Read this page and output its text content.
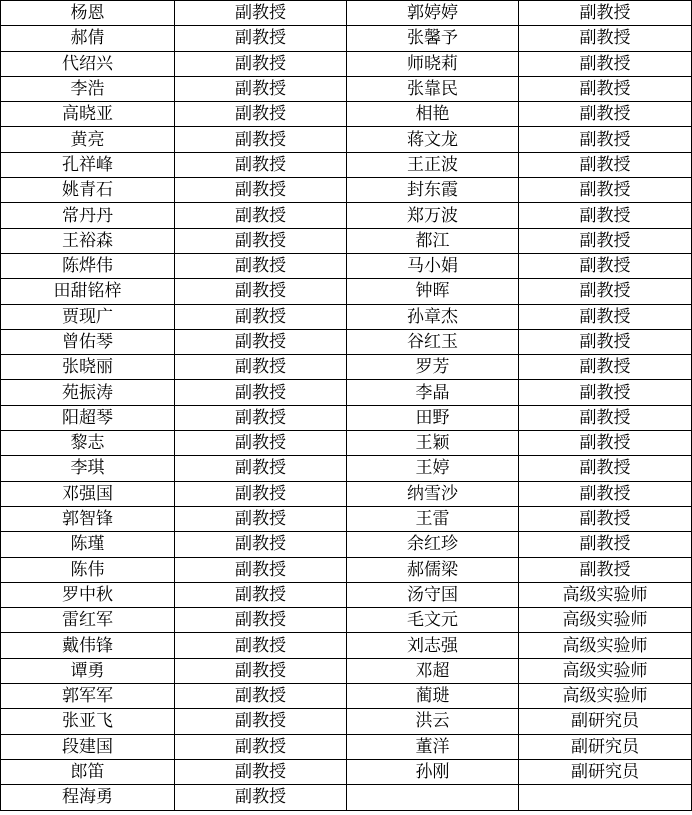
杨恩	副教授	郭婷婷	副教授
郝倩	副教授	张馨予	副教授
代绍兴	副教授	师晓莉	副教授
李浩	副教授	张靠民	副教授
高晓亚	副教授	相艳	副教授
黄亮	副教授	蒋文龙	副教授
孔祥峰	副教授	王正波	副教授
姚青石	副教授	封东霞	副教授
常丹丹	副教授	郑万波	副教授
王裕森	副教授	都江	副教授
陈烨伟	副教授	马小娟	副教授
田甜铭梓	副教授	钟晖	副教授
贾现广	副教授	孙章杰	副教授
曾佑琴	副教授	谷红玉	副教授
张晓丽	副教授	罗芳	副教授
苑振涛	副教授	李晶	副教授
阳超琴	副教授	田野	副教授
黎志	副教授	王颖	副教授
李琪	副教授	王婷	副教授
邓强国	副教授	纳雪沙	副教授
郭智锋	副教授	王雷	副教授
陈瑾	副教授	余红珍	副教授
陈伟	副教授	郝儒梁	副教授
罗中秋	副教授	汤守国	高级实验师
雷红军	副教授	毛文元	高级实验师
戴伟锋	副教授	刘志强	高级实验师
谭勇	副教授	邓超	高级实验师
郭军军	副教授	蔺琎	高级实验师
张亚飞	副教授	洪云	副研究员
段建国	副教授	董洋	副研究员
郎笛	副教授	孙刚	副研究员
程海勇	副教授		
